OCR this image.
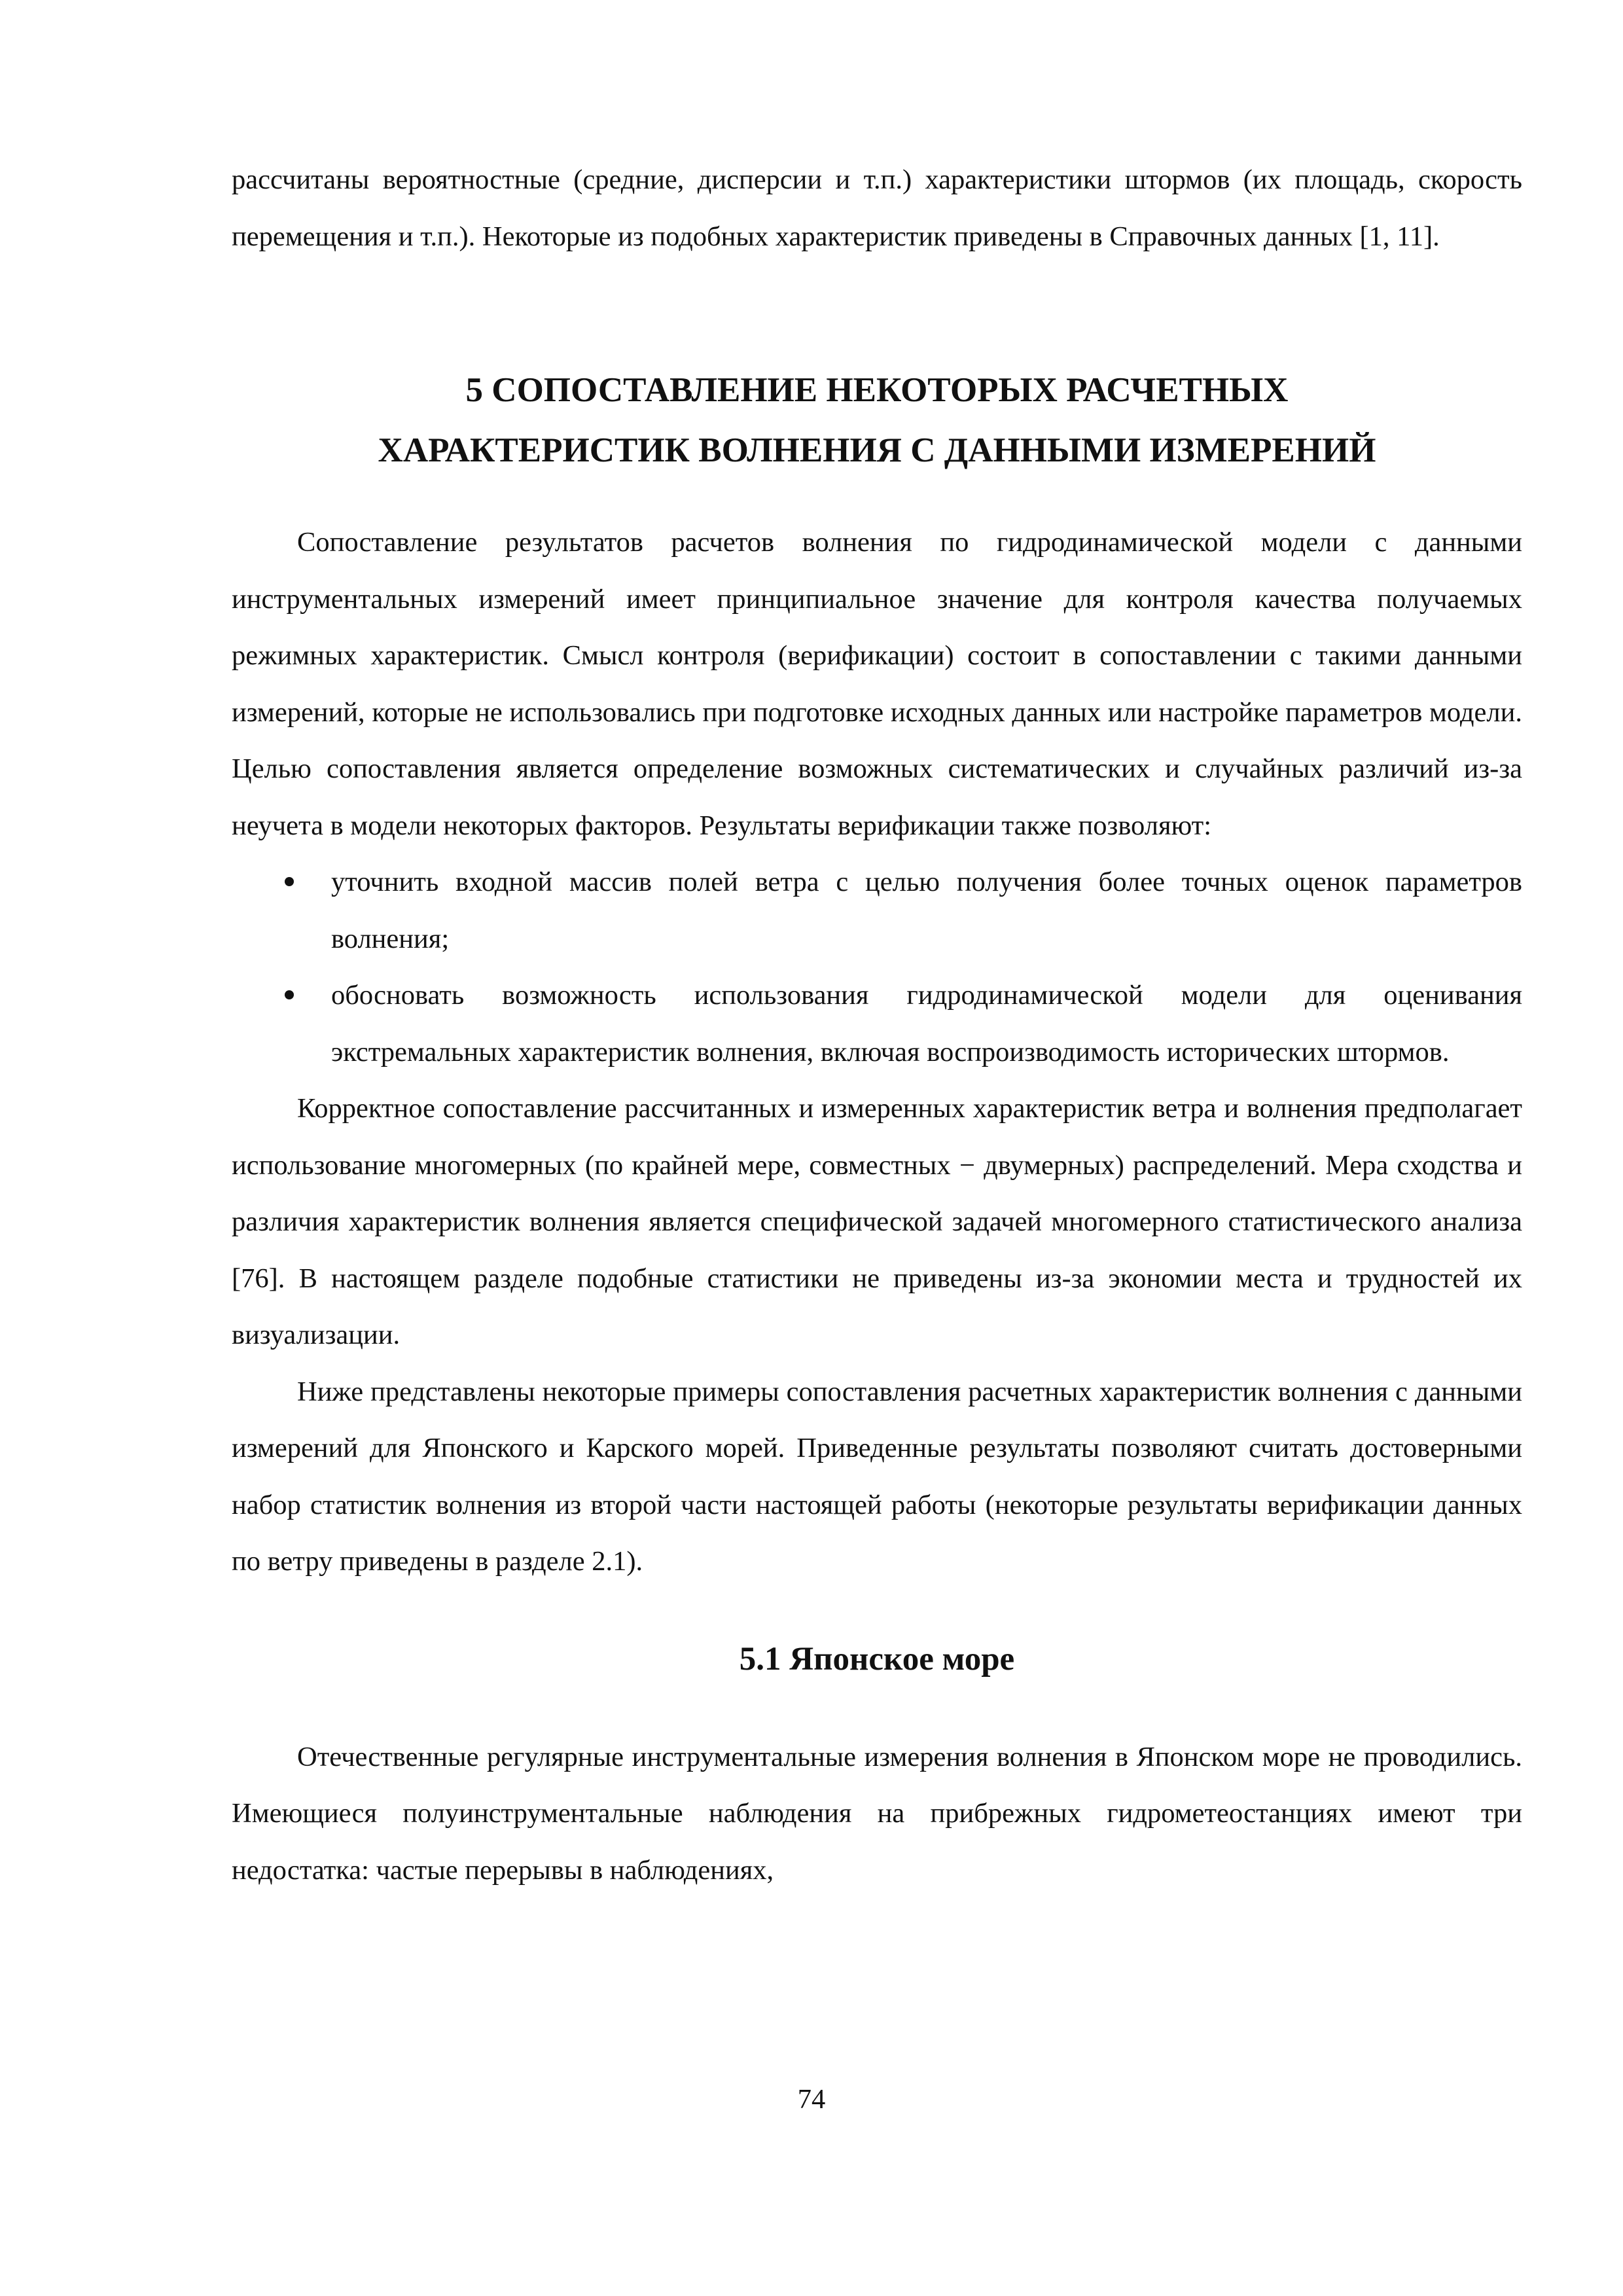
рассчитаны вероятностные (средние, дисперсии и т.п.) характеристики штормов (их площадь, скорость перемещения и т.п.). Некоторые из подобных характеристик приведены в Справочных данных [1, 11].

5 СОПОСТАВЛЕНИЕ НЕКОТОРЫХ РАСЧЕТНЫХ
ХАРАКТЕРИСТИК ВОЛНЕНИЯ С ДАННЫМИ ИЗМЕРЕНИЙ

Сопоставление результатов расчетов волнения по гидродинамической модели с данными инструментальных измерений имеет принципиальное значение для контроля качества получаемых режимных характеристик. Смысл контроля (верификации) состоит в сопоставлении с такими данными измерений, которые не использовались при подготовке исходных данных или настройке параметров модели. Целью сопоставления является определение возможных систематических и случайных различий из-за неучета в модели некоторых факторов. Результаты верификации также позволяют:

уточнить входной массив полей ветра с целью получения более точных оценок параметров волнения;
обосновать возможность использования гидродинамической модели для оценивания экстремальных характеристик волнения, включая воспроизводимость исторических штормов.

Корректное сопоставление рассчитанных и измеренных характеристик ветра и волнения предполагает использование многомерных (по крайней мере, совместных − двумерных) распределений. Мера сходства и различия характеристик волнения является специфической задачей многомерного статистического анализа [76]. В настоящем разделе подобные статистики не приведены из-за экономии места и трудностей их визуализации.

Ниже представлены некоторые примеры сопоставления расчетных характеристик волнения с данными измерений для Японского и Карского морей. Приведенные результаты позволяют считать достоверными набор статистик волнения из второй части настоящей работы (некоторые результаты верификации данных по ветру приведены в разделе 2.1).

5.1 Японское море

Отечественные регулярные инструментальные измерения волнения в Японском море не проводились. Имеющиеся полуинструментальные наблюдения на прибрежных гидрометеостанциях имеют три недостатка: частые перерывы в наблюдениях,

74
